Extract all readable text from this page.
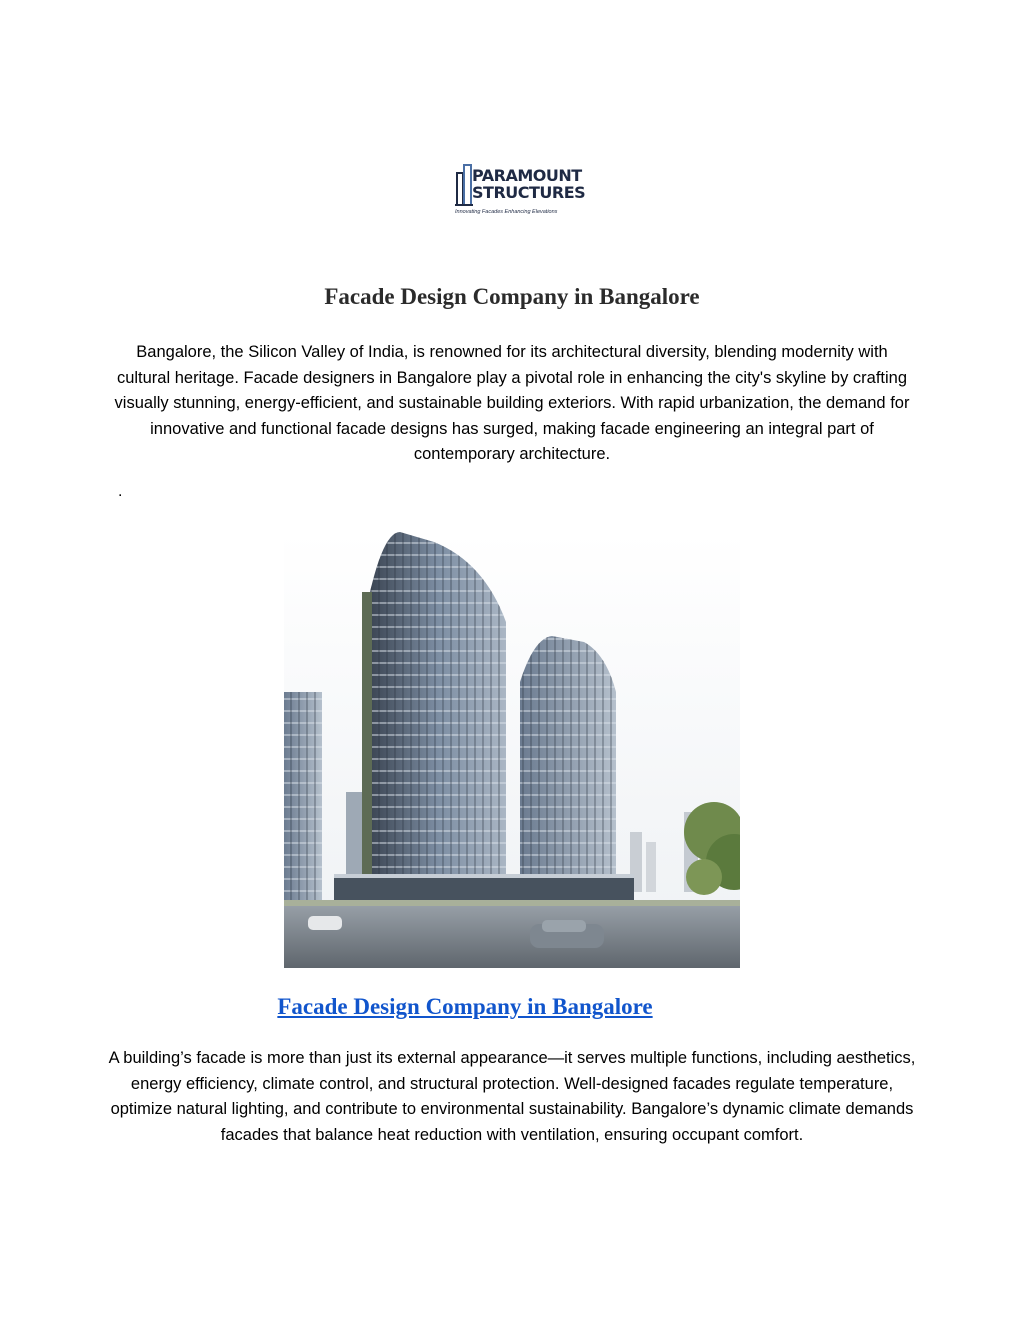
PARAMOUNT
STRUCTURES
Innovating Facades Enhancing Elevations
Facade Design Company in Bangalore

Bangalore, the Silicon Valley of India, is renowned for its architectural diversity, blending modernity with cultural heritage. Facade designers in Bangalore play a pivotal role in enhancing the city's skyline by crafting visually stunning, energy-efficient, and sustainable building exteriors. With rapid urbanization, the demand for innovative and functional facade designs has surged, making facade engineering an integral part of contemporary architecture.

.
Facade Design Company in Bangalore

A building’s facade is more than just its external appearance—it serves multiple functions, including aesthetics, energy efficiency, climate control, and structural protection. Well-designed facades regulate temperature, optimize natural lighting, and contribute to environmental sustainability. Bangalore’s dynamic climate demands facades that balance heat reduction with ventilation, ensuring occupant comfort.
